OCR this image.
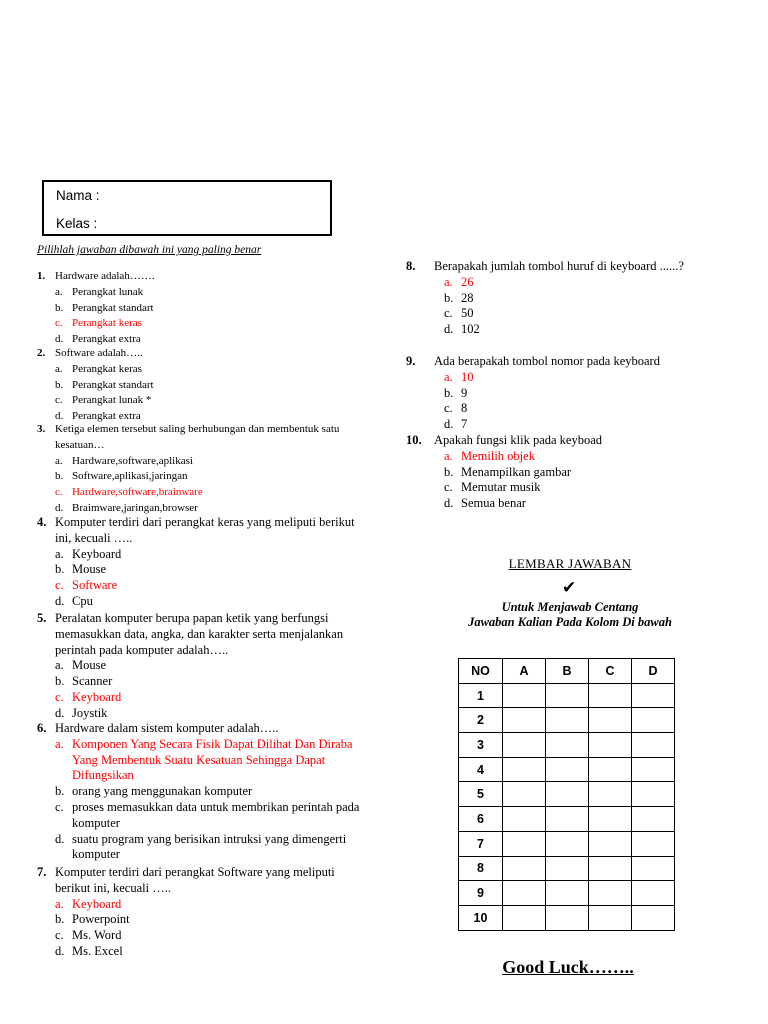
Nama :
Kelas :
Pilihlah jawaban dibawah ini yang paling benar
1. Hardware adalah…….
a. Perangkat lunak
b. Perangkat standart
c. Perangkat keras
d. Perangkat extra
2. Software adalah…..
a. Perangkat keras
b. Perangkat standart
c. Perangkat lunak *
d. Perangkat extra
3. Ketiga elemen tersebut saling berhubungan dan membentuk satu kesatuan…
a. Hardware,software,aplikasi
b. Software,aplikasi,jaringan
c. Hardware,software,brainware
d. Braimware,jaringan,browser
4. Komputer terdiri dari perangkat keras yang meliputi berikut ini, kecuali …..
a. Keyboard
b. Mouse
c. Software
d. Cpu
5. Peralatan komputer berupa papan ketik yang berfungsi memasukkan data, angka, dan karakter serta menjalankan perintah pada komputer adalah…..
a. Mouse
b. Scanner
c. Keyboard
d. Joystik
6. Hardware dalam sistem komputer adalah…..
a. Komponen Yang Secara Fisik Dapat Dilihat Dan Diraba Yang Membentuk Suatu Kesatuan Sehingga Dapat Difungsikan
b. orang yang menggunakan komputer
c. proses memasukkan data untuk membrikan perintah pada komputer
d. suatu program yang berisikan intruksi yang dimengerti komputer
7. Komputer terdiri dari perangkat Software yang meliputi berikut ini, kecuali …..
a. Keyboard
b. Powerpoint
c. Ms. Word
d. Ms. Excel
8. Berapakah jumlah tombol huruf di keyboard ......?
a. 26
b. 28
c. 50
d. 102
9. Ada berapakah tombol nomor pada keyboard
a. 10
b. 9
c. 8
d. 7
10. Apakah fungsi klik pada keyboad
a. Memilih objek
b. Menampilkan gambar
c. Memutar musik
d. Semua benar
LEMBAR JAWABAN
✔
Untuk Menjawab Centang
Jawaban Kalian Pada Kolom Di bawah
NO	A	B	C	D
1				
2				
3				
4				
5				
6				
7				
8				
9				
10				
Good Luck……..
